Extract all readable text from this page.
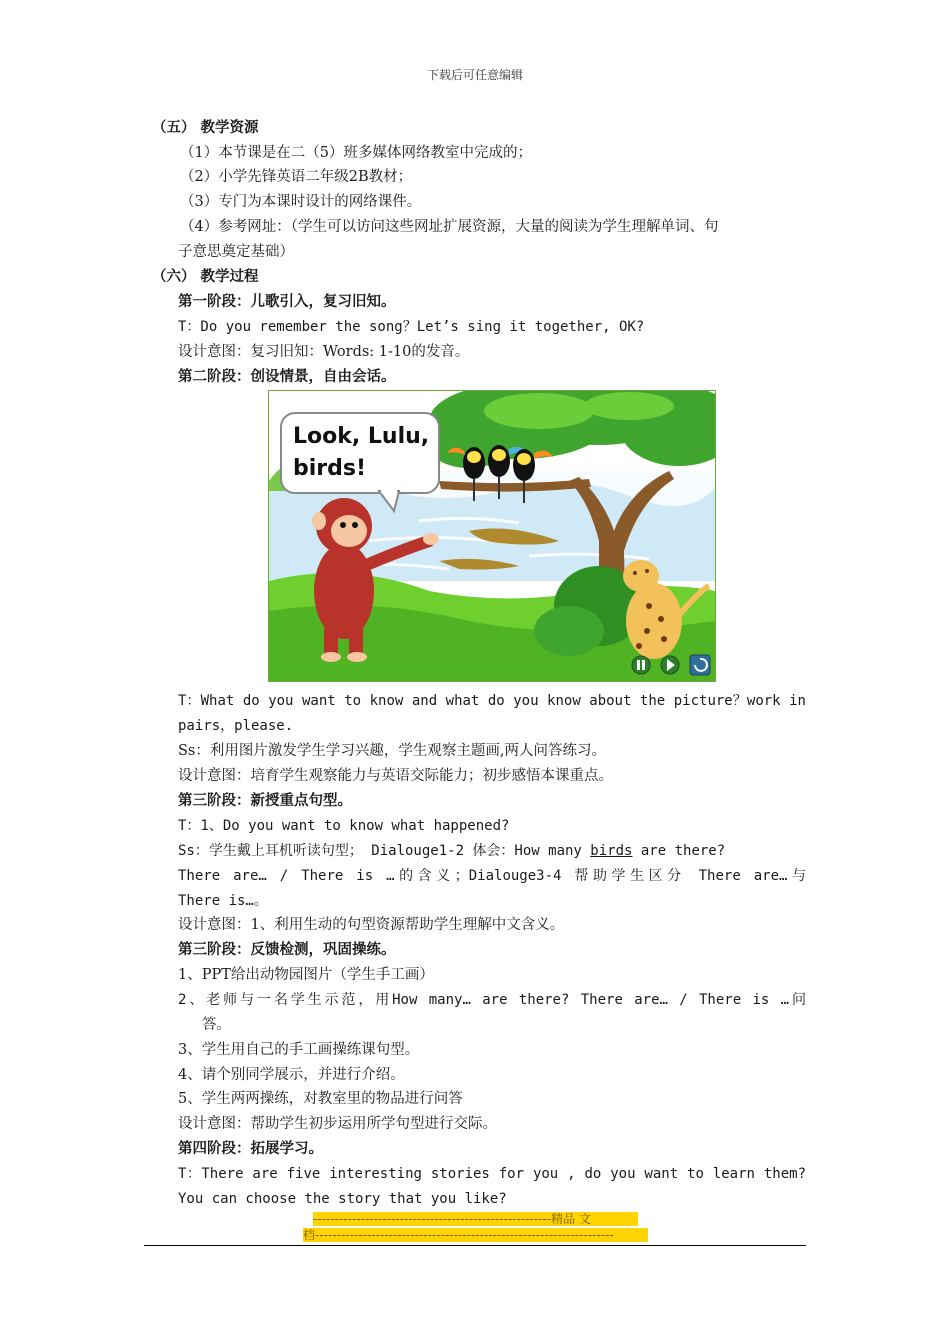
下载后可任意编辑
（五） 教学资源
（1）本节课是在二（5）班多媒体网络教室中完成的；
（2）小学先锋英语二年级2B教材；
（3）专门为本课时设计的网络课件。
（4）参考网址：（学生可以访问这些网址扩展资源，大量的阅读为学生理解单词、句
子意思奠定基础）
（六） 教学过程
第一阶段：儿歌引入，复习旧知。
T：Do you remember the song？Let’s sing it together, OK?
设计意图：复习旧知：Words: 1-10的发音。
第二阶段：创设情景，自由会话。
Look, Lulu,
birds!
T：What do you want to know and what do you know about the picture？work in
pairs，please.
Ss：利用图片激发学生学习兴趣，学生观察主题画,两人问答练习。
设计意图：培育学生观察能力与英语交际能力；初步感悟本课重点。
第三阶段：新授重点句型。
T：1、Do you want to know what happened?
Ss：学生戴上耳机听读句型； Dialouge1-2 体会：How many birds are there?
There are… / There is …的含义；Dialouge3-4 帮助学生区分 There are…与
There is…。
设计意图：1、利用生动的句型资源帮助学生理解中文含义。
第三阶段：反馈检测，巩固操练。
1、PPT给出动物园图片（学生手工画）
2、老师与一名学生示范，用How many… are there? There are… / There is …问
答。
3、学生用自己的手工画操练课句型。
4、请个别同学展示，并进行介绍。
5、学生两两操练，对教室里的物品进行问答
设计意图：帮助学生初步运用所学句型进行交际。
第四阶段：拓展学习。
T：There are five interesting stories for you , do you want to learn them?
You can choose the story that you like?
-------------------------------------------------------精品 文
档---------------------------------------------------------------------
